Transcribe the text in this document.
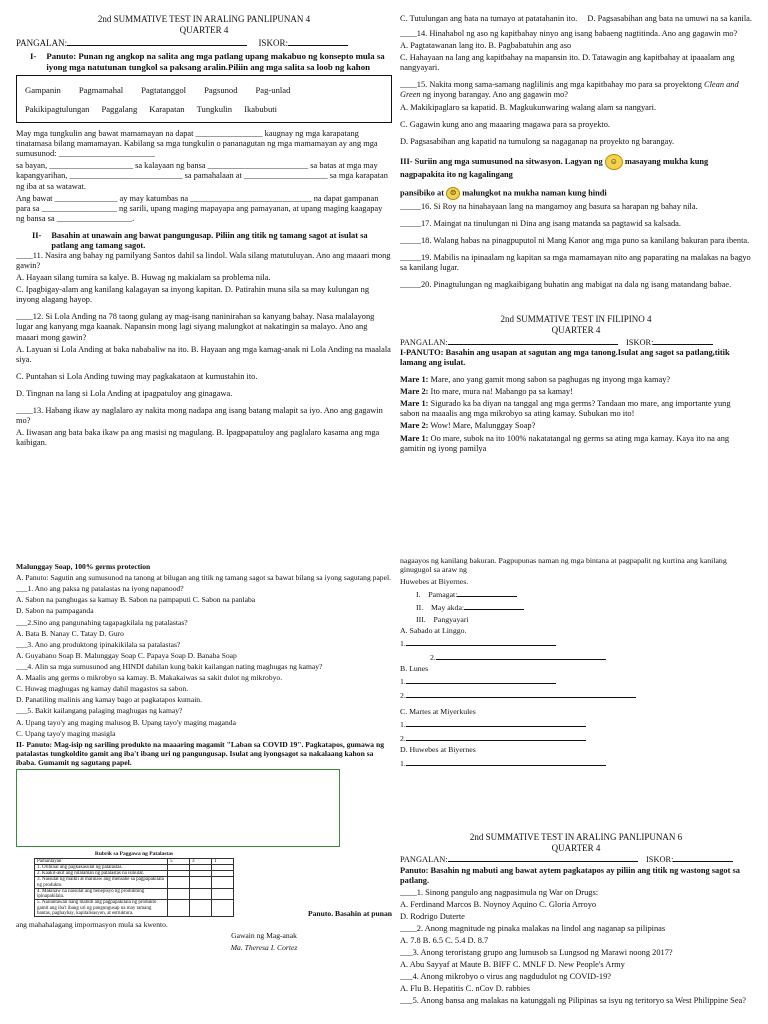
2nd SUMMATIVE TEST IN ARALING PANLIPUNAN 4
QUARTER 4
PANGALAN:	ISKOR:
I- Panuto: Punan ng angkop na salita ang mga patlang upang makabuo ng konsepto mula sa iyong mga natutunan tungkol sa paksang aralin.Piliin ang mga salita sa loob ng kahon
Gampanin Pagmamahal Pagtatanggol Pagsunod Pag-unlad
Pakikipagtulungan Paggalang Karapatan Tungkulin Ikabubuti

May mga tungkulin ang bawat mamamayan na dapat ________________ kaugnay ng mga karapatang tinatamasa bilang mamamayan. Kabilang sa mga tungkulin o pananagutan ng mga mamamayan ay ang mga sumusunod: _______________________

sa bayan, ____________________ sa kalayaan ng bansa ________________________ sa batas at mga may kapangyarihan, ___________________________ sa pamahalaan at ____________________ sa mga karapatan ng iba at sa watawat.

Ang bawat _______________ ay may katumbas na _____________________________ na dapat gampanan para sa __________________ ng sarili, upang maging mapayapa ang pamayanan, at upang maging kaagapay ng bansa sa __________________.

II- Basahin at unawain ang bawat pangungusap. Piliin ang titik ng tamang sagot at isulat sa patlang ang tamang sagot.

____11. Nasira ang bahay ng pamilyang Santos dahil sa lindol. Wala silang matutuluyan. Ano ang maaari mong gawin?

A. Hayaan silang tumira sa kalye. B. Huwag ng makialam sa problema nila.

C. Ipagbigay-alam ang kanilang kalagayan sa inyong kapitan. D. Patirahin muna sila sa may kulungan ng inyong alagang hayop.

____12. Si Lola Anding na 78 taong gulang ay mag-isang naninirahan sa kanyang bahay. Nasa malalayong lugar ang kanyang mga kaanak. Napansin mong lagi siyang malungkot at nakatingin sa malayo. Ano ang maaari mong gawin?

A. Layuan si Lola Anding at baka nababaliw na ito. B. Hayaan ang mga kamag-anak ni Lola Anding na maalala siya.

C. Puntahan si Lola Anding tuwing may pagkakataon at kumustahin ito.

D. Tingnan na lang si Lola Anding at ipagpatuloy ang ginagawa.

____13. Habang ikaw ay naglalaro ay nakita mong nadapa ang isang batang malapit sa iyo. Ano ang gagawin mo?

A. Iiwasan ang bata baka ikaw pa ang masisi ng magulang. B. Ipagpapatuloy ang paglalaro kasama ang mga kaibigan.

C. Tutulungan ang bata na tumayo at patatahanin ito. D. Pagsasabihan ang bata na umuwi na sa kanila.

____14. Hinahabol ng aso ng kapitbahay ninyo ang isang babaeng nagtitinda. Ano ang gagawin mo?

A. Pagtatawanan lang ito. B. Pagbabatuhin ang aso

C. Hahayaan na lang ang kapitbahay na mapansin ito. D. Tatawagin ang kapitbahay at ipaaalam ang nangyayari.

____15. Nakita mong sama-samang naglilinis ang mga kapitbahay mo para sa proyektong Clean and Green ng inyong barangay. Ano ang gagawin mo?

A. Makikipaglaro sa kapatid. B. Magkukunwaring walang alam sa nangyari.

C. Gagawin kung ano ang maaaring magawa para sa proyekto.

D. Pagsasabihan ang kapatid na tumulong sa nagaganap na proyekto ng barangay.

III- Suriin ang mga sumusunod na sitwasyon. Lagyan ng ☺ masayang mukha kung nagpapakita ito ng kagalingang

pansibiko at ☹ malungkot na mukha naman kung hindi

_____16. Si Roy na hinahayaan lang na mangamoy ang basura sa harapan ng bahay nila.

_____17. Maingat na tinulungan ni Dina ang isang matanda sa pagtawid sa kalsada.

_____18. Walang habas na pinagpuputol ni Mang Kanor ang mga puno sa kanilang bakuran para ibenta.

_____19. Mabilis na ipinaalam ng kapitan sa mga mamamayan nito ang paparating na malakas na bagyo sa kanilang lugar.

_____20. Pinagtulungan ng magkaibigang buhatin ang mabigat na dala ng isang matandang babae.

2nd SUMMATIVE TEST IN FILIPINO 4
QUARTER 4
PANGALAN:	ISKOR:

I-PANUTO: Basahin ang usapan at sagutan ang mga tanong.Isulat ang sagot sa patlang,titik lamang ang isulat.

Mare 1: Mare, ano yang gamit mong sabon sa paghugas ng inyong mga kamay?

Mare 2: Ito mare, mura na! Mabango pa sa kamay!

Mare 1: Sigurado ka ba diyan na tanggal ang mga germs? Tandaan mo mare, ang importante yung sabon na maaalis ang mga mikrobyo sa ating kamay. Subukan mo ito!

Mare 2: Wow! Mare, Malunggay Soap?

Mare 1: Oo mare, subok na ito 100% nakatatangal ng germs sa ating mga kamay. Kaya ito na ang gamitin ng iyong pamilya

Malunggay Soap, 100% germs protection

A. Panuto: Sagutin ang sumusunod na tanong at bilugan ang titik ng tamang sagot sa bawat bilang sa iyong sagutang papel.

___1. Ano ang paksa ng patalastas na iyong napanood?

A. Sabon na panghugas sa kamay B. Sabon na pampaputi C. Sabon na panlaba

D. Sabon na pampaganda

___2.Sino ang pangunahing tagapagkilala ng patalastas?

A. Bata B. Nanay C. Tatay D. Guro

___3. Ano ang produktong ipinakikilala sa patalastas?

A. Guyabano Soap B. Malunggay Soap C. Papaya Soap D. Banaba Soap

___4. Alin sa mga sumusunod ang HINDI dahilan kung bakit kailangan nating maghugas ng kamay?

A. Maalis ang germs o mikrobyo sa kamay. B. Makakaiwas sa sakit dulot ng mikrobyo.

C. Huwag maghugas ng kamay dahil magastos sa sabon.

D. Panatiling malinis ang kamay bago at pagkatapos kumain.

___5. Bakit kailangang palaging maghugas ng kamay?

A. Upang tayo'y ang maging malusog B. Upang tayo'y maging maganda

C. Upang tayo'y maging masigla

II- Panuto: Mag-isip ng sariling produkto na maaaring magamit "Laban sa COVID 19". Pagkatapos, gumawa ng patalastas tungkoldito gamit ang iba't ibang uri ng pangungusap. Isulat ang iyongsagot sa nakalaang kahon sa ibaba. Gumamit ng sagutang papel.

Rubrik sa Paggawa ng Patalastas
Pamantayan	5	3	1
1. Orihinal ang pagkakasulat ng patalastas.			
2. Kaakit-akit ang nilalaman ng patalastas na isinulat.			
3. Naisulat ng maikli at malinaw ang mensahe sa pagpapakilala ng produkto.			
4. Makinaw na naisulat ang benepisyo ng produktong ipinapakilala.			
5. Nailantawan nang mabuti ang pagpapakilala ng produkto gamit ang iba't ibang uri ng pangungusap na may tamang bantas, paghayhay, kapitalisasyon, at estruktura.				Panuto. Basahin at punan

ang mahahalagang impormasyon mula sa kwento.

Gawain ng Mag-anak

Ma. Theresa I. Cortez

nagaayos ng kanilang bakuran. Pagpupunas naman ng mga bintana at pagpapalit ng kurtina ang kanilang ginugugol sa araw ng

Huwebes at Biyernes.

I. Pamagat:

II. May akda:

III. Pangyayari

A. Sabado at Linggo.

1.

2.

B. Lunes

1.

2.

C. Martes at Miyerkules

1.

2.

D. Huwebes at Biyernes

1.

2nd SUMMATIVE TEST IN ARALING PANLIPUNAN 6
QUARTER 4
PANGALAN:	ISKOR:

Panuto: Basahin ng mabuti ang bawat aytem pagkatapos ay piliin ang titik ng wastong sagot sa patlang.

____1. Sinong pangulo ang nagpasimula ng War on Drugs:

A. Ferdinand Marcos B. Noynoy Aquino C. Gloria Arroyo

D. Rodrigo Duterte

____2. Anong magnitude ng pinaka malakas na lindol ang naganap sa pilipinas

A. 7.8 B. 6.5 C. 5.4 D. 8.7

___3. Anong teroristang grupo ang lumusob sa Lungsod ng Marawi noong 2017?

A. Abu Sayyaf at Maute B. BIFF C. MNLF D. New People's Army

___4. Anong mikrobyo o virus ang nagdudulot ng COVID-19?

A. Flu B. Hepatitis C. nCov D. rabbies

___5. Anong bansa ang malakas na katunggali ng Pilipinas sa isyu ng teritoryo sa West Philippine Sea?
